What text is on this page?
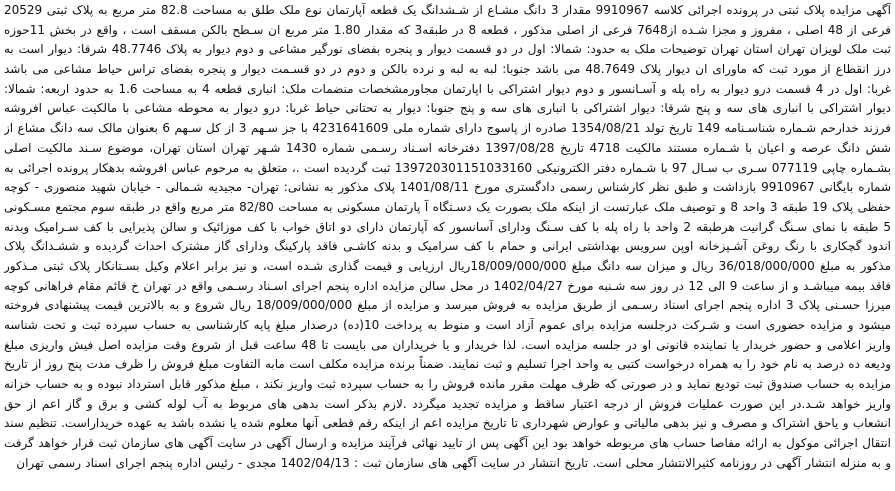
آگهی مزایده پلاک ثبتی در پرونده اجرائی کلاسه 9910967 مقدار 3 دانگ مشـاع از شـشدانگ یک قطعه آپارتمان نوع ملک طلق به مساحت 82.8 متر مربع به پلاک ثبتی 20529 فرعی از 48 اصلی ، مفروز و مجزا شـده از7648 فرعی از اصلی مذکور ، قطعه 8 در طبقه3 که مقدار 1.80 متر مربع ان سـطح بالکن مسقف است ، واقع در بخش 11حوزه ثبت ملک لویزان تهران استان تهران توضیحات ملک به حدود: شمالا: اول در دو قسمت دیوار و پنجره بفضای نورگیر مشاعی و دوم دیوار به پلاک 48.7746 شرقا: دیوار است به درز انقطاع از مورد ثبت که ماورای ان دیوار پلاک 48.7649 می باشد جنوبا: لبه به لبه و نرده بالکن و دوم در دو قسـمت دیوار و پنجره بفضای تراس حیاط مشاعی می باشد غربا: اول در 4 قسمت درو دیوار به راه پله و آسـانسور و دوم دیوار اشتراکی با اپارتمان مجاورمشخصات منضمات ملک: انباری قطعه 4 به مساحت 1.6 به حدود اربعه: شمالا: دیوار اشتراکی با انباری های سه و پنج شرقا: دیوار اشتراکی با انباری های سه و پنج جنوبا: دیوار به تحتانی حیاط غربا: درو دیوار به محوطه مشاعی با مالکیت عباس افروشه فرزند خدارحم شـماره شناسـنامه 149 تاریخ تولد 1354/08/21 صادره از پاسوج دارای شماره ملی 4231641609 با جز سـهم 3 از کل سـهم 6 بعنوان مالک سه دانگ مشاع از شش دانگ عرصه و اعیان با شـماره مستند مالکیت 4718 تاریخ 1397/08/28 دفترخانه اسـناد رسـمی شماره 1430 شـهر تهران استان تهران، موضوع سـند مالکیت اصلی بشـماره چاپی 077119 سـری ب سـال 97 با شـماره دفتر الکترونیکی 139720301151033160 ثبت گردیده است .، متعلق به مرحوم عباس افروشه بدهکار پرونده اجرائی به شماره بایگانی 9910967 بازداشت و طبق نظر کارشناس رسمی دادگستری مورخ 1401/08/11 پلاک مذکور به نشانی: تهران- مجیدیه شـمالی - خیابان شهید منصوری - کوچه حفظی پلاک 19 طبقه 3 واحد 8 و توصیف ملک عبارتست از اینکه ملک بصورت یک دسـتگاه آ پارتمان مسکونی به مساحت 82/80 متر مربع واقع در طبقه سوم مجتمع مسـکونی 5 طبقه با نمای سـنگ گرانیت هرطبقه 2 واحد با راه پله با کف سـنگ وداراى آسانسور که آپارتمان دارای دو اتاق خواب با کف موزائیک و سالن پذیرایی با کف سـرامیک وبدنه اندود گچکاری با رنگ روغن آشـپزخانه اوپن سرویس بهداشتی ایرانی و حمام با کف سرامیک و بدنه کاشـی فاقد پارکینگ ودارای گاز مشترک احداث گردیده و ششـدانگ پلاک مذکور به مبلغ 36/018/000/000 ریال و میزان سه دانگ مبلغ 18/009/000/000ریال ارزیابی و قیمت گذاری شـده است، و نیز برابر اعلام وکیل بسـتانکار پلاک ثبتی مـذکور فاقد بیمه میباشـد و از ساعت 9 الی 12 در روز سه شـنبه مورخ 1402/04/27 در محل سالن مزایده اداره پنجم اجرای اسـناد رسـمی واقع در تهران خ قائم مقام فراهانی کوچه میرزا حسـنی پلاک 3 اداره پنجم اجرای اسناد رسـمی از طریق مزایده به فروش میرسد و مزایده از مبلغ 18/009/000/000 ریال شروع و به بالاترین قیمت پیشنهادی فروخته میشود و مزایده حضوری است و شـرکت درجلسه مزایده برای عموم آزاد است و منوط به پرداخت 10(ده) درصدار مبلغ پایه کارشناسی به حساب سپرده ثبت و تحت شناسه واریز اعلامی و حضور خریدار یا نماینده قانونی او در جلسه مزایده است. لذا خریدار و یا خریداران می بایست تا 48 ساعت قبل از شروع وقت مزایده اصل فیش واریزی مبلغ ودیعه ده درصد به نام خود را به همراه درخواست کتبی به واحد اجرا تسلیم و ثبت نمایند. ضمناً برنده مزایده مکلف است مابه التفاوت مبلغ فروش را ظرف مدت پنج روز از تاریخ مزایده به حساب صندوق ثبت تودیع نماید و در صورتی که ظرف مهلت مقرر مانده فروش را به حساب سپرده ثبت واریز نکند ، مبلغ مذکور قابل استرداد نبوده و به حساب خزانه واریز خواهد شـد.در این صورت عملیات فروش از درجه اعتبار ساقط و مزایده تجدید میگردد .لازم بذکر است بدهی های مربوط به آب لوله کشی و برق و گاز اعم از حق انشعاب و یاحق اشتراک و مصرف و نیز بدهی مالیاتی و عوارض شهرداری تا تاریخ مزایده اعم از اینکه رقم قطعی آنها معلوم شده یا نشده باشد به عهده خریداراست. تنظیم سند انتقال اجرائی موکول به ارائه مفاصا حساب های مربوطه خواهد بود این آگهی پس از تایید نهائی فرآیند مزایده و ارسال آگهی در سایت آگهی های سازمان ثبت قرار خواهد گرفت و به منزله انتشار آگهی در روزنامه کثیرالانتشار محلی است. تاریخ انتشار در سایت آگهی های سازمان ثبت : 1402/04/13 مجدی - رئیس اداره پنجم اجرای اسناد رسمی تهران
